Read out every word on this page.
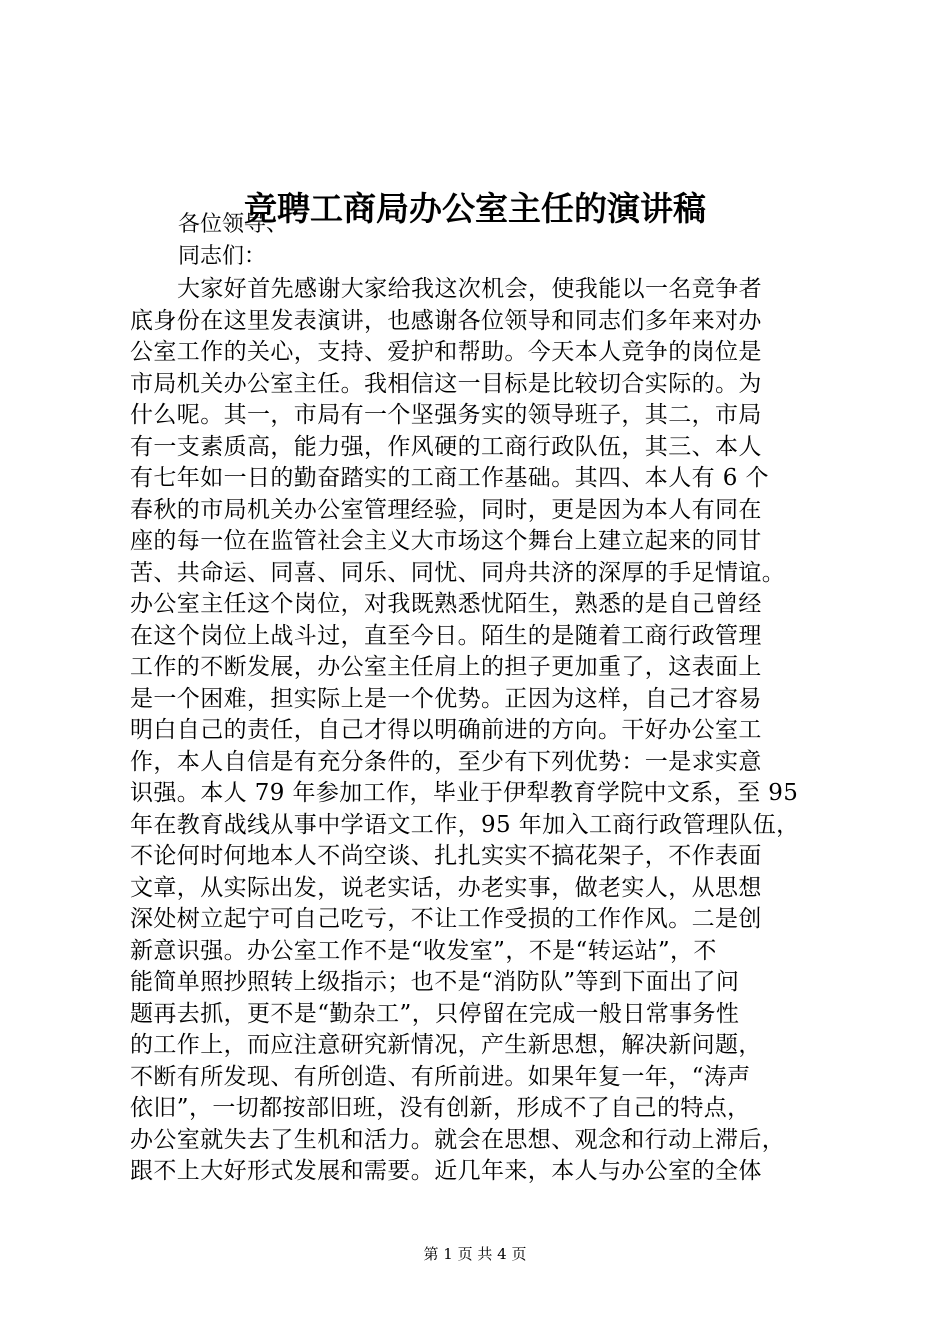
竞聘工商局办公室主任的演讲稿
各位领导、
同志们：
大家好首先感谢大家给我这次机会，使我能以一名竞争者
底身份在这里发表演讲，也感谢各位领导和同志们多年来对办
公室工作的关心，支持、爱护和帮助。今天本人竞争的岗位是
市局机关办公室主任。我相信这一目标是比较切合实际的。为
什么呢。其一，市局有一个坚强务实的领导班子，其二，市局
有一支素质高，能力强，作风硬的工商行政队伍，其三、本人
有七年如一日的勤奋踏实的工商工作基础。其四、本人有 6 个
春秋的市局机关办公室管理经验，同时，更是因为本人有同在
座的每一位在监管社会主义大市场这个舞台上建立起来的同甘
苦、共命运、同喜、同乐、同忧、同舟共济的深厚的手足情谊。
办公室主任这个岗位，对我既熟悉忧陌生，熟悉的是自己曾经
在这个岗位上战斗过，直至今日。陌生的是随着工商行政管理
工作的不断发展，办公室主任肩上的担子更加重了，这表面上
是一个困难，担实际上是一个优势。正因为这样，自己才容易
明白自己的责任，自己才得以明确前进的方向。干好办公室工
作，本人自信是有充分条件的，至少有下列优势：一是求实意
识强。本人 79 年参加工作，毕业于伊犁教育学院中文系，至 95
年在教育战线从事中学语文工作，95 年加入工商行政管理队伍，
不论何时何地本人不尚空谈、扎扎实实不搞花架子，不作表面
文章，从实际出发，说老实话，办老实事，做老实人，从思想
深处树立起宁可自己吃亏，不让工作受损的工作作风。二是创
新意识强。办公室工作不是“收发室”，不是“转运站”，不
能简单照抄照转上级指示；也不是“消防队”等到下面出了问
题再去抓，更不是“勤杂工”，只停留在完成一般日常事务性
的工作上，而应注意研究新情况，产生新思想，解决新问题，
不断有所发现、有所创造、有所前进。如果年复一年，“涛声
依旧”，一切都按部旧班，没有创新，形成不了自己的特点，
办公室就失去了生机和活力。就会在思想、观念和行动上滞后，
跟不上大好形式发展和需要。近几年来，本人与办公室的全体
第 1 页 共 4 页
